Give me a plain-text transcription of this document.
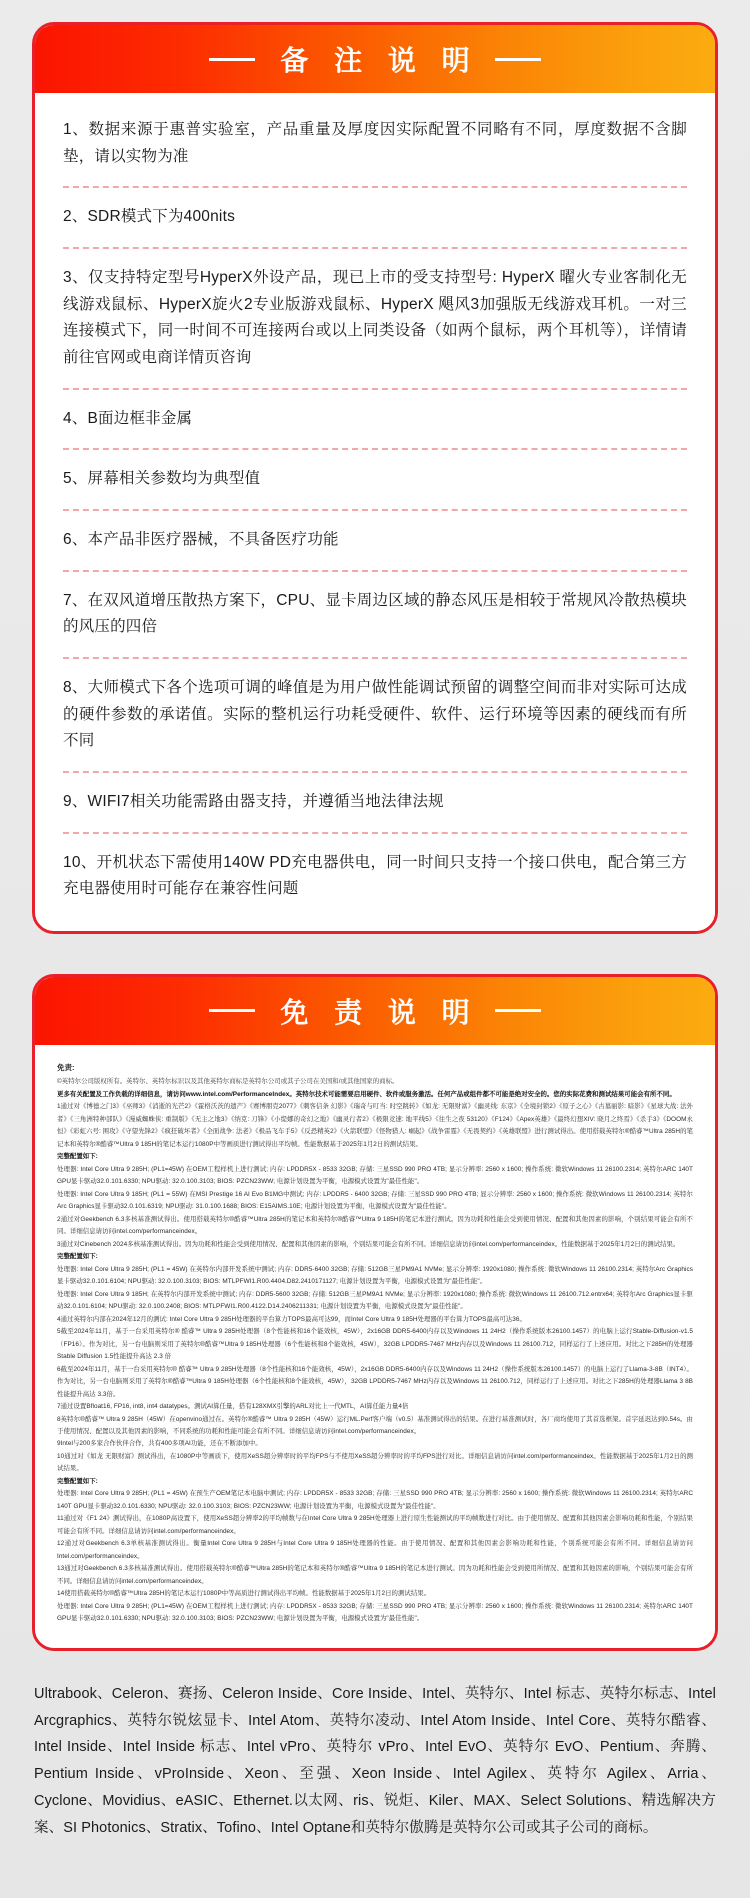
备 注 说 明

1、数据来源于惠普实验室，产品重量及厚度因实际配置不同略有不同，厚度数据不含脚垫，请以实物为准

2、SDR模式下为400nits

3、仅支持特定型号HyperX外设产品，现已上市的受支持型号: HyperX 曜火专业客制化无线游戏鼠标、HyperX旋火2专业版游戏鼠标、HyperX 飓风3加强版无线游戏耳机。一对三连接模式下，同一时间不可连接两台或以上同类设备（如两个鼠标，两个耳机等），详情请前往官网或电商详情页咨询

4、B面边框非金属

5、屏幕相关参数均为典型值

6、本产品非医疗器械，不具备医疗功能

7、在双风道增压散热方案下，CPU、显卡周边区域的静态风压是相较于常规风冷散热模块的风压的四倍

8、大师模式下各个选项可调的峰值是为用户做性能调试预留的调整空间而非对实际可达成的硬件参数的承诺值。实际的整机运行功耗受硬件、软件、运行环境等因素的硬线而有所不同

9、WIFI7相关功能需路由器支持，并遵循当地法律法规

10、开机状态下需使用140W PD充电器供电，同一时间只支持一个接口供电，配合第三方充电器使用时可能存在兼容性问题

免 责 说 明

免责:

©英特尔公司版权所有。英特尔、英特尔标识以及其他英特尔商标是英特尔公司或其子公司在美国和/或其他国家的商标。

更多有关配置及工作负载的详细信息，请访问www.intel.com/PerformanceIndex。英特尔技术可能需要启用硬件、软件或服务激活。任何产品或组件都不可能是绝对安全的。您的实际花费和测试结果可能会有所不同。

1通过对《博德之门3》《巫师3》《消逝的光芒2》《霍格沃茨的遗产》《赛博朋克2077》《刺客信条 幻影》《瑞奇与叮当: 时空跳转》《如龙: 无限财富》《幽灵线: 东京》《全境封锁2》《原子之心》《古墓丽影: 暗影》《星球大战: 法外者》《三角洲特种部队》《漫威蜘蛛侠: 重制版》《无主之地3》《纳克: 刀锋》《小缇娜的奇幻之地》《幽灵行者2》《极限竞速: 地平线5》《往生之夜 53120》《F124》《Apex英雄》《最终幻想XIV: 晓月之终焉》《杀手3》《DOOM永恒》《彩虹六号: 围攻》《守望先锋2》《疯狂破坏者》《全面战争: 法老》《极品飞车手5》《反恐精英2》《火箭联盟》《怪物猎人: 崛起》《战争雷霆》《无畏契约》《英雄联盟》进行测试得出。使用搭载英特尔®酷睿™Ultra 285H的笔记本和英特尔®酷睿™Ultra 9 185H的笔记本运行1080P中等画质进行测试得出平均帧。性能数据基于2025年1月2日的测试结果。

完整配置如下:

处理器: Intel Core Ultra 9 285H; (PL1=45W) 在OEM工程样机上进行测试; 内存: LPDDR5X - 8533 32GB; 存储: 三星SSD 990 PRO 4TB; 显示分辨率: 2560 x 1600; 操作系统: 微软Windows 11 26100.2314; 英特尔ARC 140T GPU显卡驱动32.0.101.6330; NPU驱动: 32.0.100.3103; BIOS: PZCN23WW; 电源计划设置为平衡，电源模式设置为"最佳性能"。

处理器: Intel Core Ultra 9 185H; (PL1 = 55W) 在MSI Prestige 16 AI Evo B1MG中测试; 内存: LPDDR5 - 6400 32GB; 存储: 三星SSD 990 PRO 4TB; 显示分辨率: 2560 x 1600; 操作系统: 微软Windows 11 26100.2314; 英特尔Arc Graphics显卡驱动32.0.101.6319; NPU驱动: 31.0.100.1688; BIOS: E15AIMS.10E; 电源计划设置为平衡，电源模式设置为"最佳性能"。

2通过对Geekbench 6.3多核基准测试得出。使用搭载英特尔®酷睿™Ultra 285H的笔记本和英特尔®酷睿™Ultra 9 185H的笔记本进行测试。因为功耗和性能会受到使用情况、配置和其他因素的影响，个别结果可能会有所不同。详细信息请访问intel.com/performanceindex。

3通过对Cinebench 2024多核基准测试得出。因为功耗和性能会受到使用情况、配置和其他因素的影响，个别结果可能会有所不同。详细信息请访问intel.com/performanceindex。性能数据基于2025年1月2日的测试结果。

完整配置如下:

处理器: Intel Core Ultra 9 285H; (PL1 = 45W) 在英特尔内部开发系统中测试; 内存: DDR5-6400 32GB; 存储: 512GB三星PM9A1 NVMe; 显示分辨率: 1920x1080; 操作系统: 微软Windows 11 26100.2314; 英特尔Arc Graphics显卡驱动32.0.101.6104; NPU驱动: 32.0.100.3103; BIOS: MTLPFWI1.R00.4404.D82.2410171127; 电源计划设置为平衡，电源模式设置为"最佳性能"。

处理器: Intel Core Ultra 9 185H; 在英特尔内部开发系统中测试; 内存: DDR5-5600 32GB; 存储: 512GB三星PM9A1 NVMe; 显示分辨率: 1920x1080; 操作系统: 微软Windows 11 26100.712.entrx64; 英特尔Arc Graphics显卡驱动32.0.101.6104; NPU驱动: 32.0.100.2408; BIOS: MTLPFWI1.R00.4122.D14.2406211331; 电源计划设置为平衡，电源模式设置为"最佳性能"。

4通过英特尔内部在2024年12月的测试: Intel Core Ultra 9 285H处理器的平台算力TOPS最高可达99，而Intel Core Ultra 9 185H处理器的平台算力TOPS最高可达36。

5截至2024年11月，基于一台采用英特尔® 酷睿™ Ultra 9 285H处理器（8个性能核和16个能效核，45W），2x16GB DDR5-6400内存以及Windows 11 24H2（操作系统版本26100.1457）的电脑上运行Stable-Diffusion-v1.5（FP16）。作为对比，另一台电脑则采用了英特尔®酷睿™Ultra 9 185H处理器（6个性能核和8个能效核，45W），32GB LPDDR5-7467 MHz内存以及Windows 11 26100.712，同样运行了上述应用。对比之下285H的处理器Stable Diffusion 1.5性能提升高达 2.3 倍

6截至2024年11月，基于一台采用英特尔® 酷睿™ Ultra 9 285H处理器（8个性能核和16个能效核，45W），2x16GB DDR5-6400内存以及Windows 11 24H2（操作系统版本26100.1457）的电脑上运行了Llama-3-8B（INT4）。作为对比，另一台电脑则采用了英特尔®酷睿™Ultra 9 185H处理器（6个性能核和8个能效核，45W），32GB LPDDR5-7467 MHz内存以及Windows 11 26100.712，同样运行了上述应用。对比之下285H的处理器Llama 3 8B 性能提升高达 3.3倍。

7通过设置Bfloat16, FP16, int8, int4 datatypes。测试AI算任量，搭有128XMX引擎的ARL对比上一代MTL，AI算任能力量4倍

8英特尔®酷睿™ Ultra 9 285H（45W）在openvino通过在。英特尔®酷睿™ Ultra 9 285H（45W）运行ML.Perf客户端（v0.5）基准测试得出的结果。在进行基准测试时，各厂商均使用了其首选框架。首字延迟达到0.54s。由于使用情况、配置以及其他因素的影响，不同系统的功耗和性能可能会有所不同。详细信息请访问intel.com/performanceindex。

9Intel与200多家合作伙伴合作，共有400多项AI功能，还在不断添加中。

10通过对《如龙 无限财富》测试得出，在1080P中等画质下，使用XeSS超分辨率时的平均FPS与不使用XeSS超分辨率时的平均FPS进行对比。详细信息请访问intel.com/performanceindex。性能数据基于2025年1月2日的测试结果。

完整配置如下:

处理器: Intel Core Ultra 9 285H; (PL1 = 45W) 在预生产OEM笔记本电脑中测试; 内存: LPDDR5X - 8533 32GB; 存储: 三星SSD 990 PRO 4TB; 显示分辨率: 2560 x 1600; 操作系统: 微软Windows 11 26100.2314; 英特尔ARC 140T GPU显卡驱动32.0.101.6330; NPU驱动: 32.0.100.3103; BIOS: PZCN23WW; 电源计划设置为平衡，电源模式设置为"最佳性能"。

11通过对《F1 24》测试得出，在1080P高设置下，使用XeSS超分辨率2的平均帧数与在Intel Core Ultra 9 285H处理器上进行原生性能测试的平均帧数进行对比。由于使用情况、配置和其他因素会影响功耗和性能，个别结果可能会有所不同。详细信息请访问intel.com/performanceindex。

12通过对Geekbench 6.3单核基准测试得出。衡量Intel Core Ultra 9 285H与Intel Core Ultra 9 185H处理器的性能。由于使用情况、配置和其他因素会影响功耗和性能，个别系统可能会有所不同。详细信息请访问Intel.com/performanceindex。

13通过对Geekbench 6.3多核基准测试得出。使用搭载英特尔®酷睿™Ultra 285H的笔记本和英特尔®酷睿™Ultra 9 185H的笔记本进行测试。因为功耗和性能会受到使用所情况、配置和其他因素的影响，个别结果可能会有所不同。详细信息请访问intel.com/performanceindex。

14使用搭载英特尔®酷睿™Ultra 285H的笔记本运行1080P中等高质进行测试得出平均帧。性能数据基于2025年1月2日的测试结果。

处理器: Intel Core Ultra 9 285H; (PL1=45W) 在OEM工程样机上进行测试; 内存: LPDDR5X - 8533 32GB; 存储: 三星SSD 990 PRO 4TB; 显示分辨率: 2560 x 1600; 操作系统: 微软Windows 11 26100.2314; 英特尔ARC 140T GPU显卡驱动32.0.101.6330; NPU驱动: 32.0.100.3103; BIOS: PZCN23WW; 电源计划设置为平衡，电源模式设置为"最佳性能"。

Ultrabook、Celeron、赛扬、Celeron Inside、Core Inside、Intel、英特尔、Intel 标志、英特尔标志、Intel Arcgraphics、英特尔锐炫显卡、Intel Atom、英特尔凌动、Intel Atom Inside、Intel Core、英特尔酷睿、Intel Inside、Intel Inside 标志、Intel vPro、英特尔 vPro、Intel EvO、英特尔 EvO、Pentium、奔腾、Pentium Inside、vProInside、Xeon、至强、Xeon Inside、Intel Agilex、英特尔 Agilex、Arria、Cyclone、Movidius、eASIC、Ethernet.以太网、ris、锐炬、Kiler、MAX、Select Solutions、精选解决方案、SI Photonics、Stratix、Tofino、Intel Optane和英特尔傲腾是英特尔公司或其子公司的商标。
